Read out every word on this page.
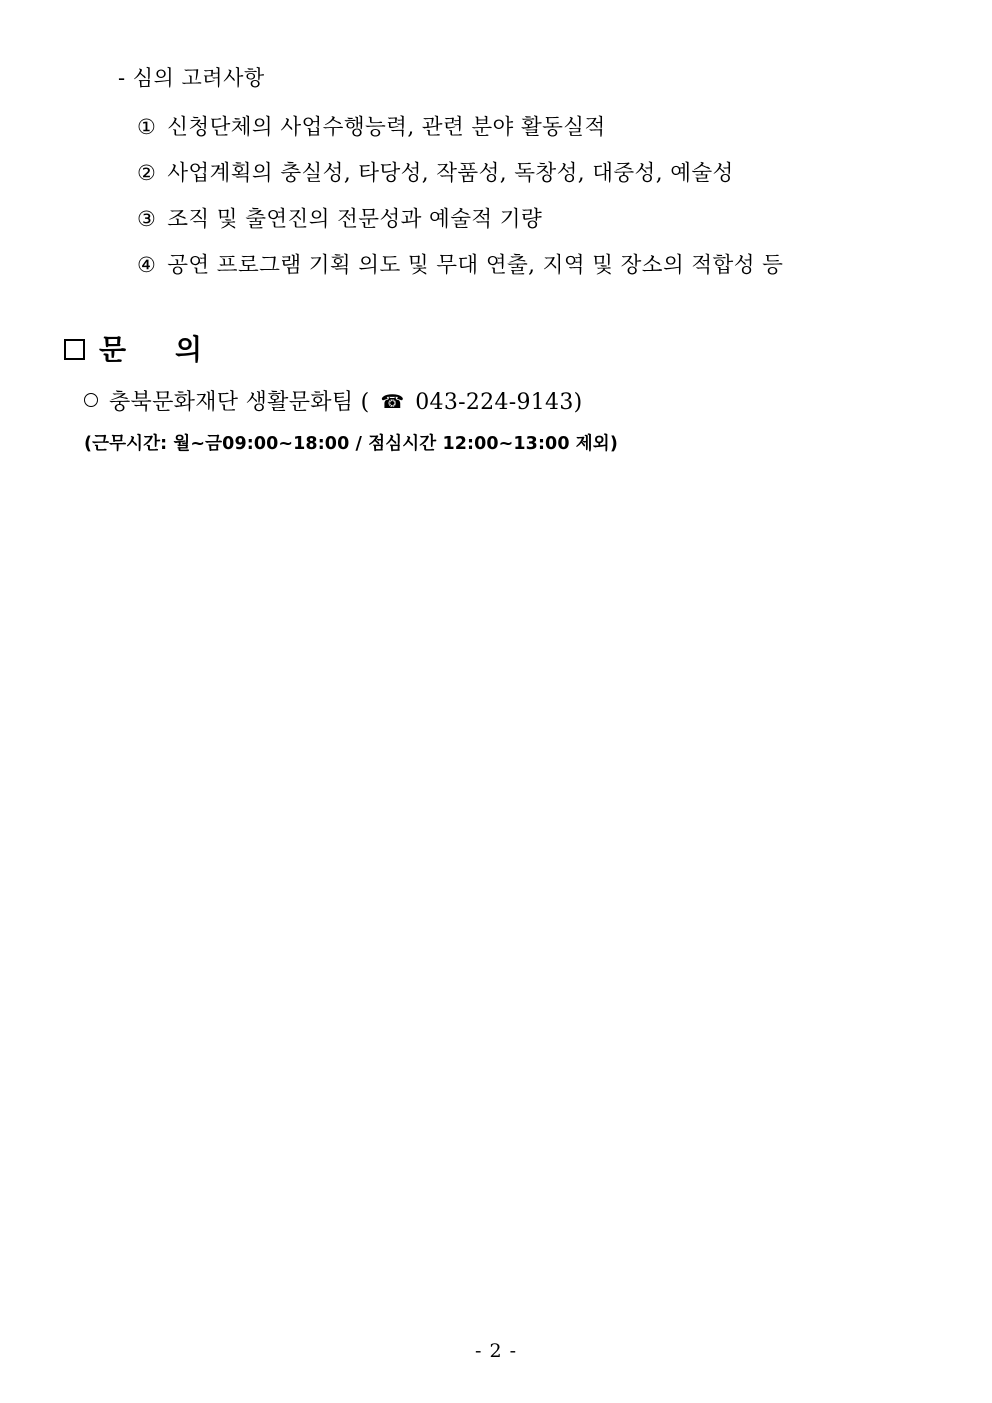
- 심의 고려사항
① 신청단체의 사업수행능력, 관련 분야 활동실적
② 사업계획의 충실성, 타당성, 작품성, 독창성, 대중성, 예술성
③ 조직 및 출연진의 전문성과 예술적 기량
④ 공연 프로그램 기획 의도 및 무대 연출, 지역 및 장소의 적합성 등
문    의
충북문화재단 생활문화팀 ( ☎ 043-224-9143)
(근무시간: 월~금09:00~18:00 / 점심시간 12:00~13:00 제외)
- 2 -
